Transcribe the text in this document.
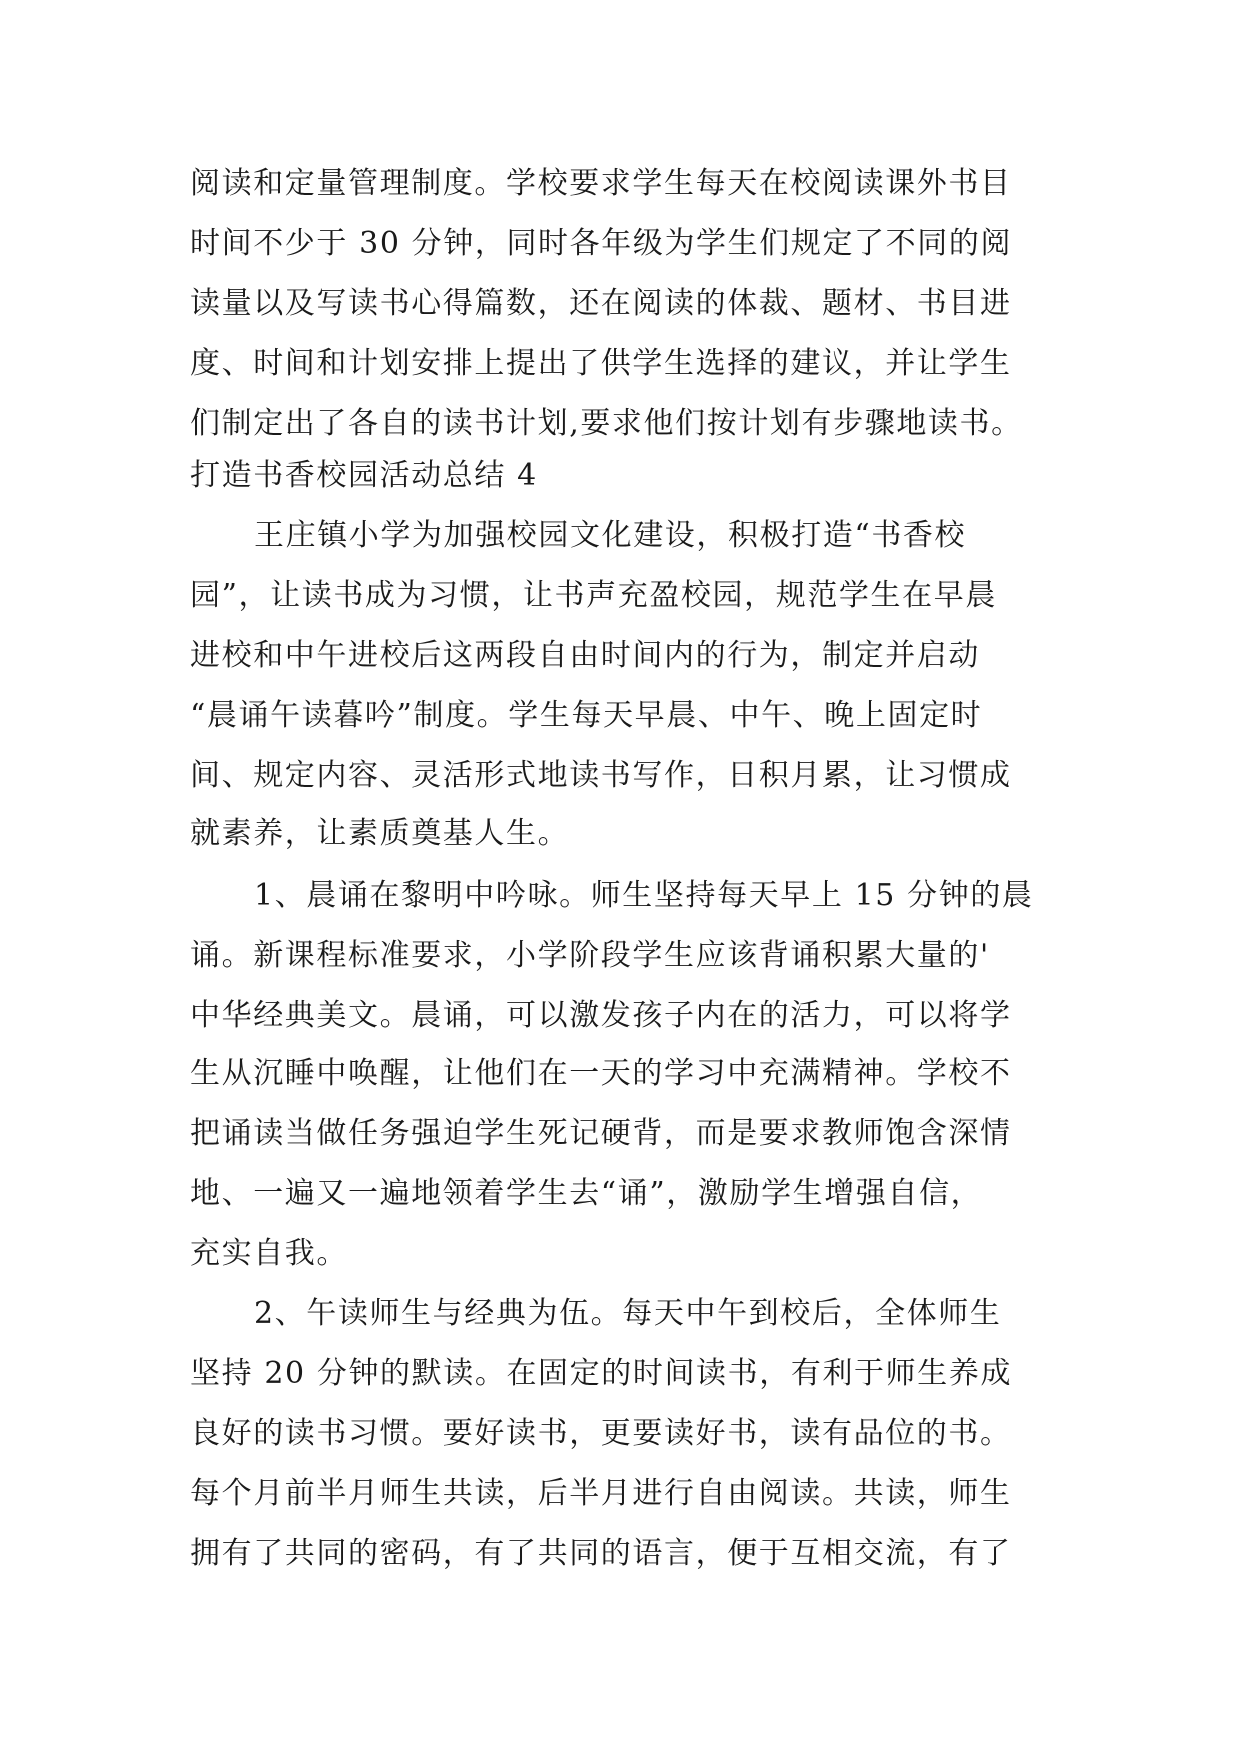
阅读和定量管理制度。学校要求学生每天在校阅读课外书目
时间不少于 30 分钟，同时各年级为学生们规定了不同的阅
读量以及写读书心得篇数，还在阅读的体裁、题材、书目进
度、时间和计划安排上提出了供学生选择的建议，并让学生
们制定出了各自的读书计划,要求他们按计划有步骤地读书。
打造书香校园活动总结 4
王庄镇小学为加强校园文化建设，积极打造“书香校
园”，让读书成为习惯，让书声充盈校园，规范学生在早晨
进校和中午进校后这两段自由时间内的行为，制定并启动
“晨诵午读暮吟”制度。学生每天早晨、中午、晚上固定时
间、规定内容、灵活形式地读书写作，日积月累，让习惯成
就素养，让素质奠基人生。
1、晨诵在黎明中吟咏。师生坚持每天早上 15 分钟的晨
诵。新课程标准要求，小学阶段学生应该背诵积累大量的'
中华经典美文。晨诵，可以激发孩子内在的活力，可以将学
生从沉睡中唤醒，让他们在一天的学习中充满精神。学校不
把诵读当做任务强迫学生死记硬背，而是要求教师饱含深情
地、一遍又一遍地领着学生去“诵”，激励学生增强自信，
充实自我。
2、午读师生与经典为伍。每天中午到校后，全体师生
坚持 20 分钟的默读。在固定的时间读书，有利于师生养成
良好的读书习惯。要好读书，更要读好书，读有品位的书。
每个月前半月师生共读，后半月进行自由阅读。共读，师生
拥有了共同的密码，有了共同的语言，便于互相交流，有了
